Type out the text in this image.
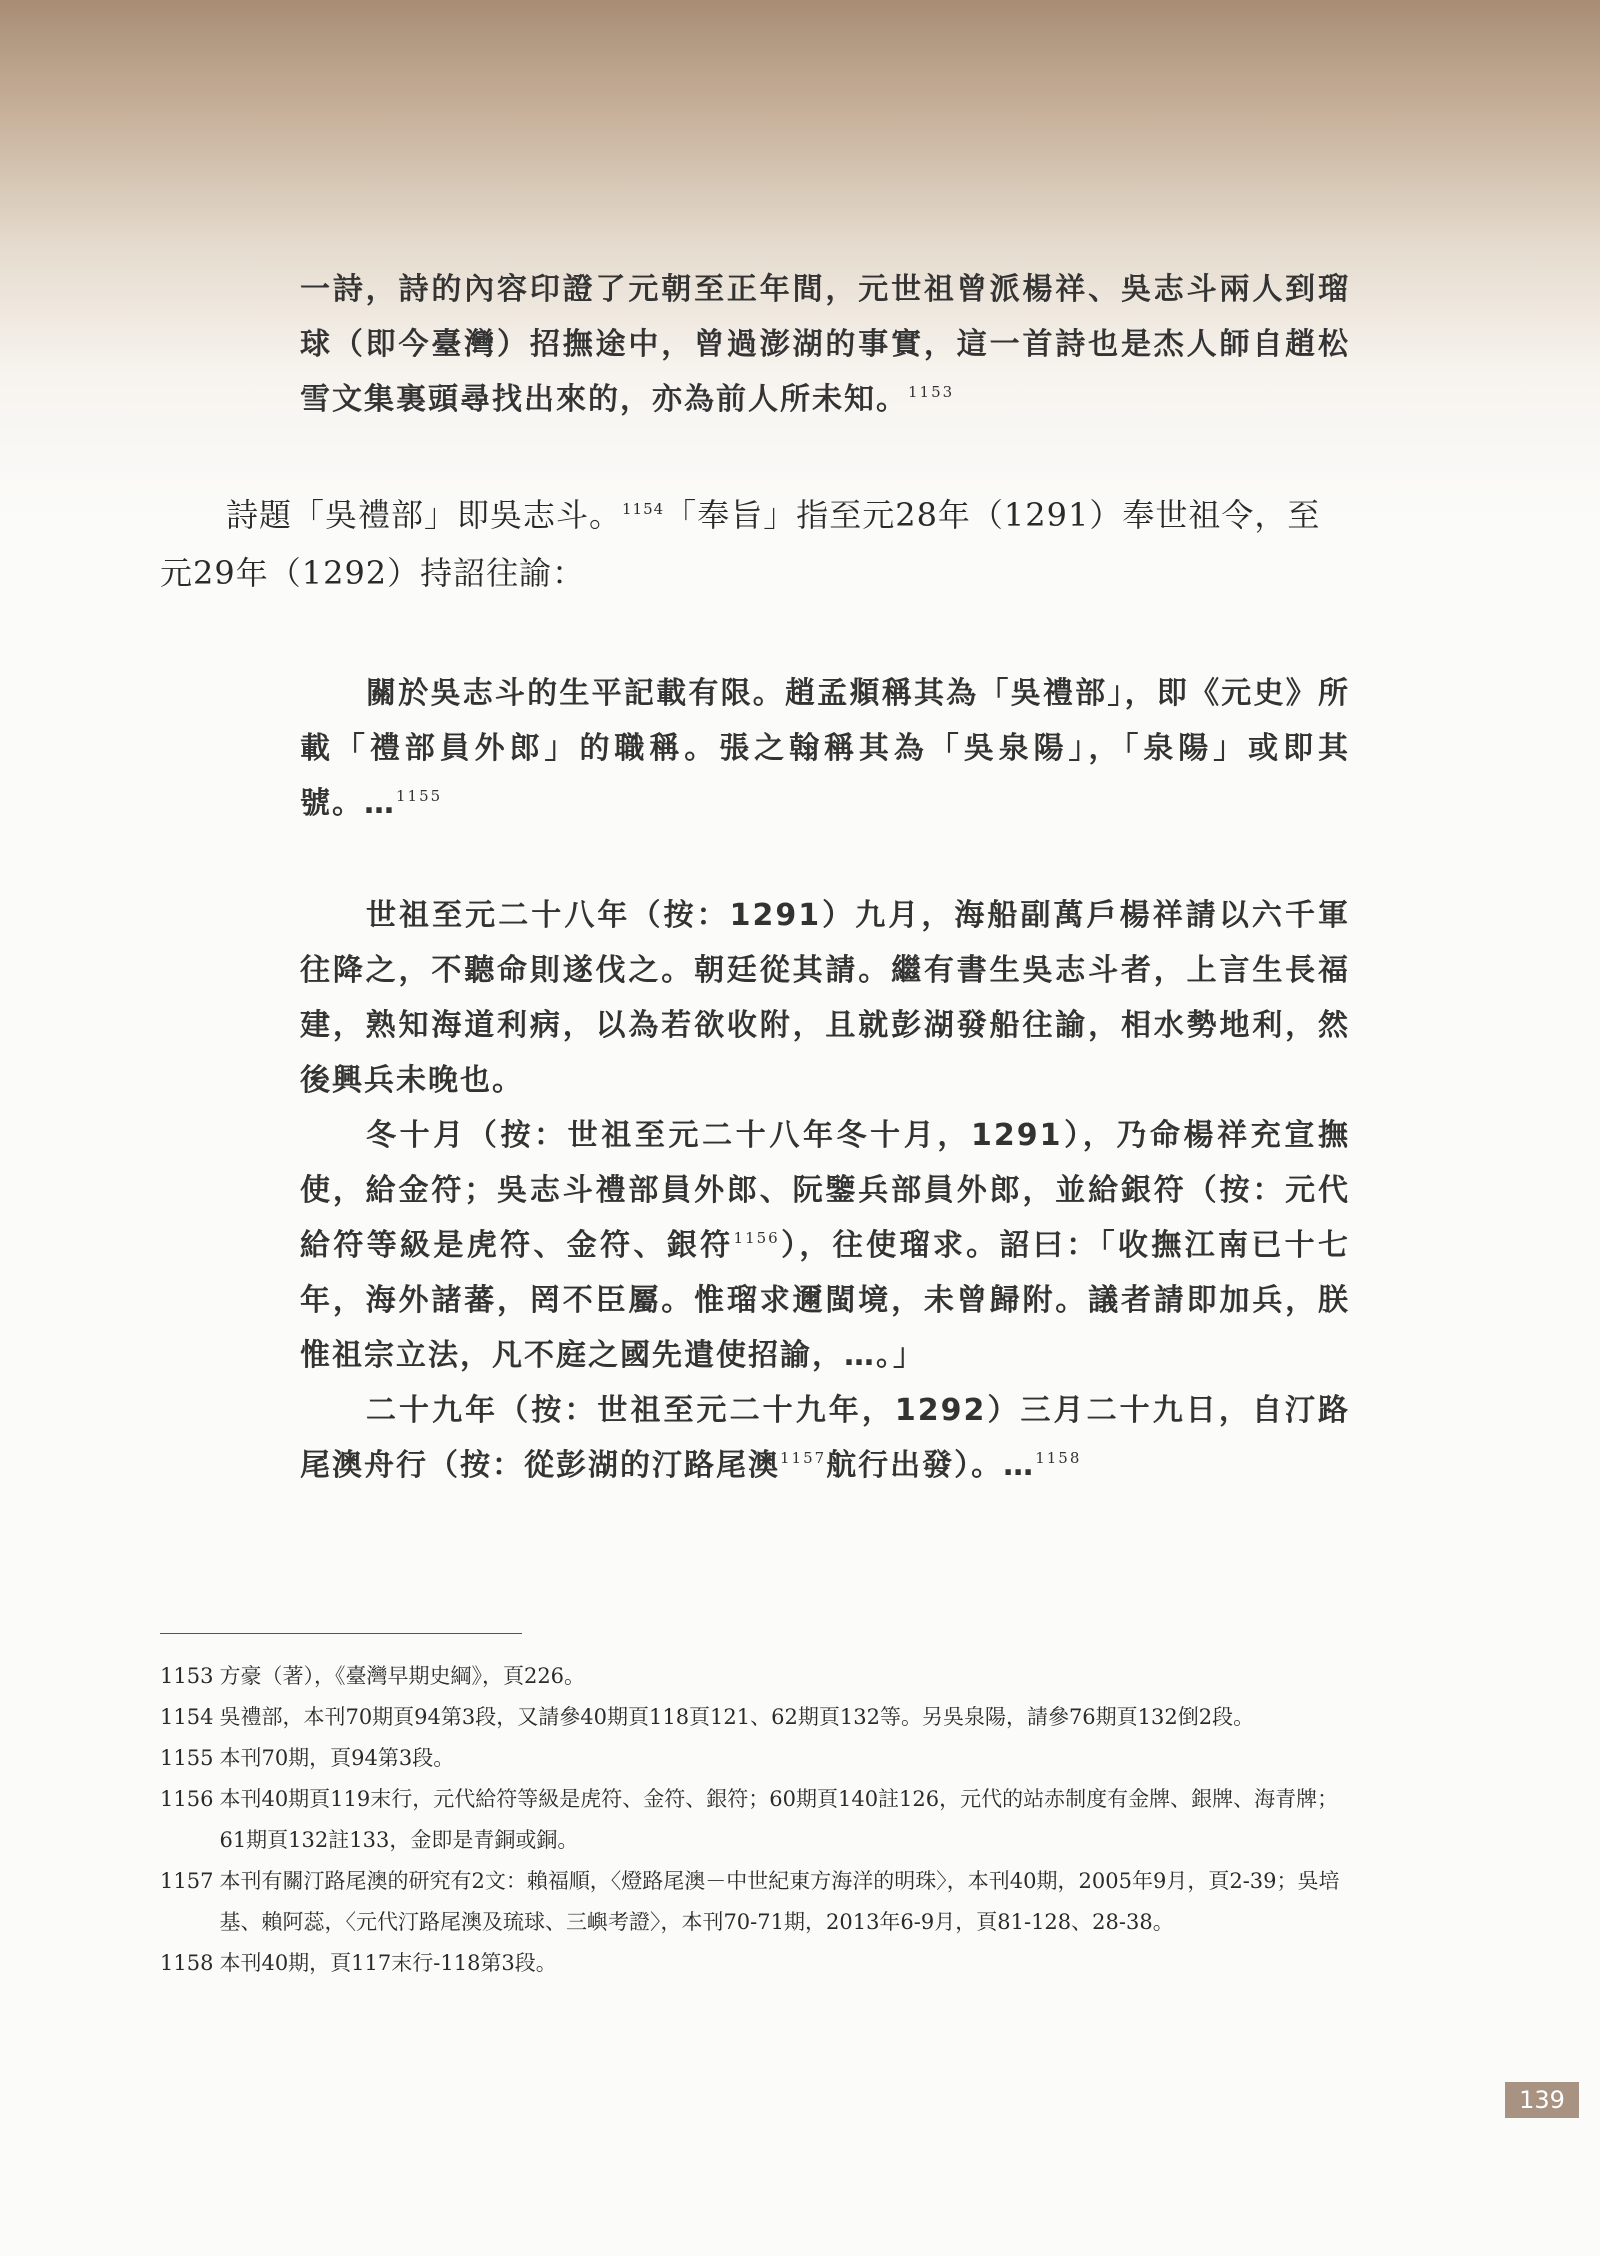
一詩，詩的內容印證了元朝至正年間，元世祖曾派楊祥、吳志斗兩人到瑠球（即今臺灣）招撫途中，曾過澎湖的事實，這一首詩也是杰人師自趙松雪文集裏頭尋找出來的，亦為前人所未知。$^{1153}$

詩題「吳禮部」即吳志斗。$^{1154}$「奉旨」指至元28年（1291）奉世祖令，至元29年（1292）持詔往諭：

關於吳志斗的生平記載有限。趙孟頫稱其為「吳禮部」，即《元史》所載「禮部員外郎」的職稱。張之翰稱其為「吳泉陽」，「泉陽」或即其號。…$^{1155}$

世祖至元二十八年（按：1291）九月，海船副萬戶楊祥請以六千軍往降之，不聽命則遂伐之。朝廷從其請。繼有書生吳志斗者，上言生長福建，熟知海道利病，以為若欲收附，且就彭湖發船往諭，相水勢地利，然後興兵未晚也。

冬十月（按：世祖至元二十八年冬十月，1291），乃命楊祥充宣撫使，給金符；吳志斗禮部員外郎、阮鑒兵部員外郎，並給銀符（按：元代給符等級是虎符、金符、銀符$^{1156}$），往使瑠求。詔曰：「收撫江南已十七年，海外諸蕃，罔不臣屬。惟瑠求邇閩境，未曾歸附。議者請即加兵，朕惟祖宗立法，凡不庭之國先遣使招諭，…。」

二十九年（按：世祖至元二十九年，1292）三月二十九日，自汀路尾澳舟行（按：從彭湖的汀路尾澳$^{1157}$航行出發）。…$^{1158}$

1153 方豪（著），《臺灣早期史綱》，頁226。
1154 吳禮部，本刊70期頁94第3段，又請參40期頁118頁121、62期頁132等。另吳泉陽，請參76期頁132倒2段。
1155 本刊70期，頁94第3段。
1156 本刊40期頁119末行，元代給符等級是虎符、金符、銀符；60期頁140註126，元代的站赤制度有金牌、銀牌、海青牌；61期頁132註133，金即是青銅或銅。
1157 本刊有關汀路尾澳的研究有2文：賴福順，〈燈路尾澳－中世紀東方海洋的明珠〉，本刊40期，2005年9月，頁2-39；吳培基、賴阿蕊，〈元代汀路尾澳及琉球、三嶼考證〉，本刊70-71期，2013年6-9月，頁81-128、28-38。
1158 本刊40期，頁117末行-118第3段。
139
